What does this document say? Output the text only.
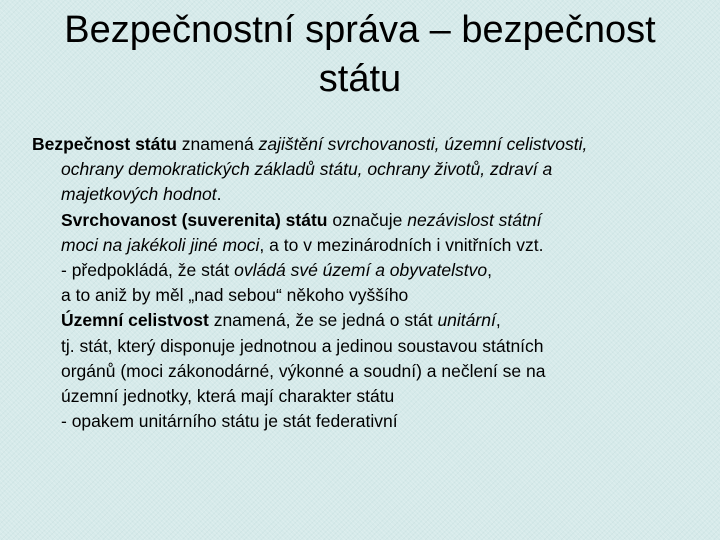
Bezpečnostní správa – bezpečnost
státu

Bezpečnost státu znamená zajištění svrchovanosti, územní celistvosti,
ochrany demokratických základů státu, ochrany životů, zdraví a
majetkových hodnot.

Svrchovanost (suverenita) státu označuje nezávislost státní
moci na jakékoli jiné moci, a to v mezinárodních i vnitřních vzt.
- předpokládá, že stát ovládá své území a obyvatelstvo,
a to aniž by měl „nad sebou“ někoho vyššího

Územní celistvost znamená, že se jedná o stát unitární,
tj. stát, který disponuje jednotnou a jedinou soustavou státních
orgánů (moci zákonodárné, výkonné a soudní) a nečlení se na
územní jednotky, která mají charakter státu
- opakem unitárního státu je stát federativní
